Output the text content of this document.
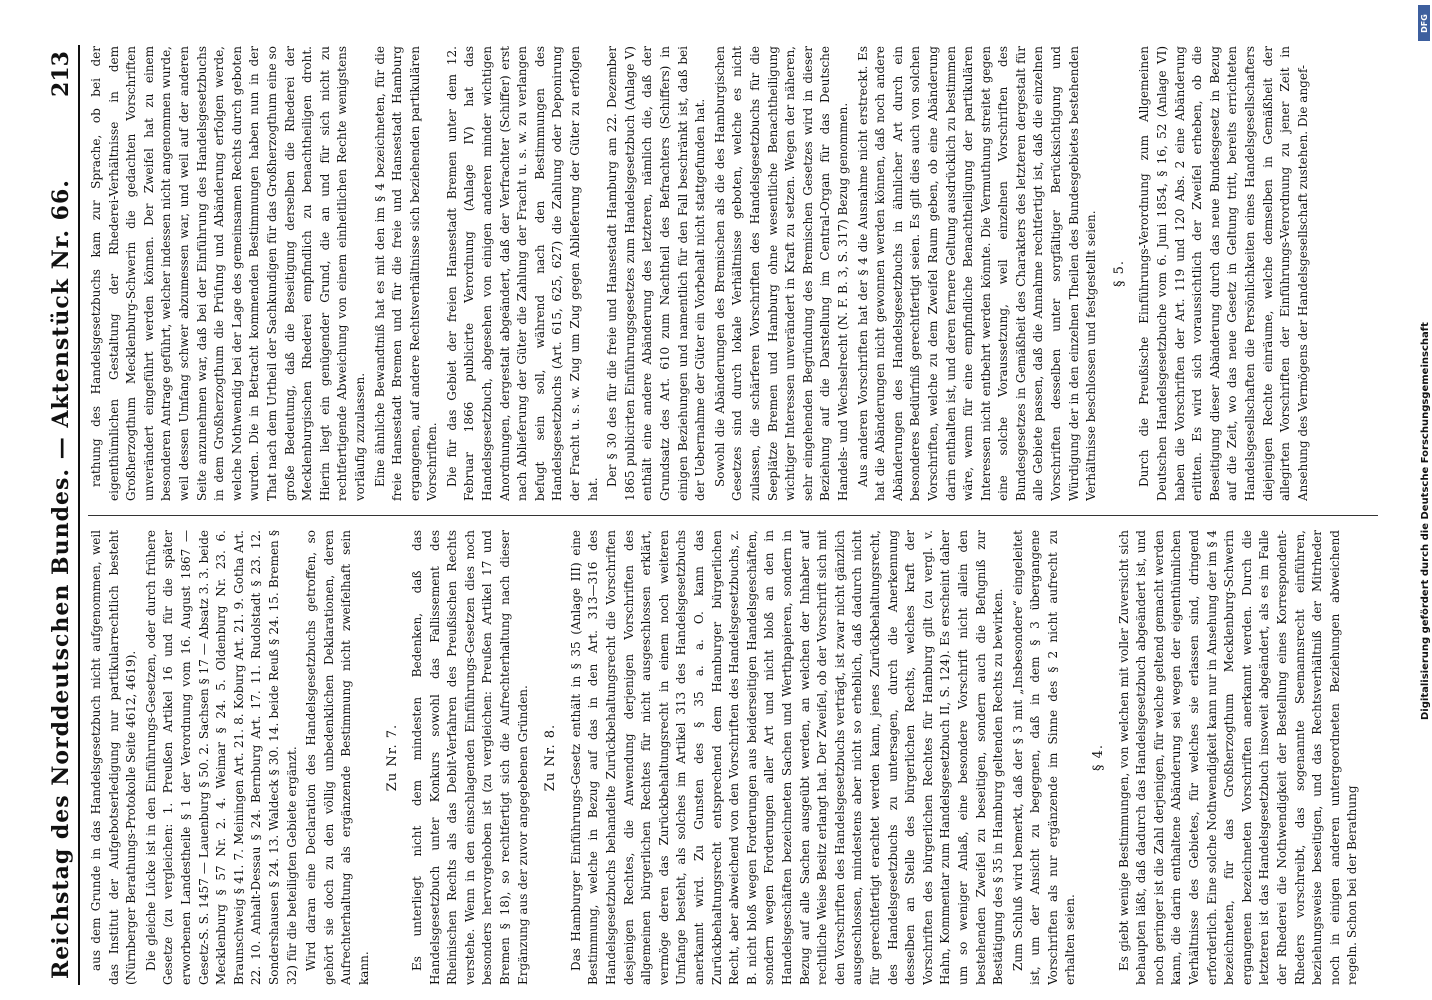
Reichstag des Norddeutschen Bundes. — Aktenstück Nr. 66.
213

aus dem Grunde in das Handelsgesetzbuch nicht aufgenommen, weil das Institut der Aufgebotserledigung nur partikularrechtlich besteht (Nürnberger Berathungs-Protokolle Seite 4612, 4619). Die gleiche Lücke ist in den Einführungs-Gesetzen, oder durch frühere Gesetze (zu vergleichen: 1. Preußen Artikel 16 und für die später erworbenen Landestheile § 1 der Verordnung vom 16. August 1867 — Gesetz-S. S. 1457 — Lauenburg § 50. 2. Sachsen § 17 — Absatz 3. 3. beide Mecklenburg § 57 Nr. 2. 4. Weimar § 24. 5. Oldenburg Nr. 23. 6. Braunschweig § 41. 7. Meiningen Art. 21. 8. Koburg Art. 21. 9. Gotha Art. 22. 10. Anhalt-Dessau § 24. Bernburg Art. 17. 11. Rudolstadt § 23. 12. Sondershausen § 24. 13. Waldeck § 30. 14. beide Reuß § 24. 15. Bremen § 32) für die beteiligten Gebiete ergänzt. Wird daran eine Declaration des Handelsgesetzbuchs getroffen, so gehört sie doch zu den völlig unbedenklichen Deklarationen, deren Aufrechterhaltung als ergänzende Bestimmung nicht zweifelhaft sein kann.

Zu Nr. 7. Es unterliegt nicht dem mindesten Bedenken, daß das Handelsgesetzbuch unter Konkurs sowohl das Fallissement des Rheinischen Rechts als das Debit-Verfahren des Preußischen Rechts verstehe. Wenn in den einschlagenden Einführungs-Gesetzen dies noch besonders hervorgehoben ist (zu vergleichen: Preußen Artikel 17 und Bremen § 18), so rechtfertigt sich die Aufrechterhaltung nach dieser Ergänzung aus der zuvor angegebenen Gründen. Zu Nr. 8. Das Hamburger Einführungs-Gesetz enthält in § 35 (Anlage III) eine Bestimmung, welche in Bezug auf das in den Art. 313—316 des Handelsgesetzbuchs behandelte Zurückbehaltungsrecht die Vorschriften desjenigen Rechtes, die Anwendung derjenigen Vorschriften des allgemeinen bürgerlichen Rechtes für nicht ausgeschlossen erklärt, vermöge deren das Zurückbehaltungsrecht in einem noch weiteren Umfange besteht, als solches im Artikel 313 des Handelsgesetzbuchs anerkannt wird. Zu Gunsten des § 35 a. a. O. kann das Zurückbehaltungsrecht entsprechend dem Hamburger bürgerlichen Recht, aber abweichend von den Vorschriften des Handelsgesetzbuchs, z. B. nicht bloß wegen Forderungen aus beiderseitigen Handelsgeschäften, sondern wegen Forderungen aller Art und nicht bloß an den in Handelsgeschäften bezeichneten Sachen und Werthpapieren, sondern in Bezug auf alle Sachen ausgeübt werden, an welchen der Inhaber auf rechtliche Weise Besitz erlangt hat. Der Zweifel, ob der Vorschrift sich mit den Vorschriften des Handelsgesetzbuchs verträgt, ist zwar nicht gänzlich ausgeschlossen, mindestens aber nicht so erheblich, daß dadurch nicht für gerechtfertigt erachtet werden kann, jenes Zurückbehaltungsrecht, des Handelsgesetzbuchs zu untersagen, durch die Anerkennung desselben an Stelle des bürgerlichen Rechts, welches kraft der Vorschriften des bürgerlichen Rechtes für Hamburg gilt (zu vergl. v. Hahn, Kommentar zum Handelsgesetzbuch II, S. 124). Es erscheint daher um so weniger Anlaß, eine besondere Vorschrift nicht allein den bestehenden Zweifel zu beseitigen, sondern auch die Befugniß zur Bestätigung des § 35 in Hamburg geltenden Rechts zu bewirken. Zum Schluß wird bemerkt, daß der § 3 mit „Insbesondere“ eingeleitet ist, um der Ansicht zu begegnen, daß in dem § 3 übergangene Vorschriften als nur ergänzende im Sinne des § 2 nicht aufrecht zu erhalten seien.

§ 4. Es giebt wenige Bestimmungen, von welchen mit voller Zuversicht sich behaupten läßt, daß dadurch das Handelsgesetzbuch abgeändert ist, und noch geringer ist die Zahl derjenigen, für welche geltend gemacht werden kann, die darin enthaltene Abänderung sei wegen der eigenthümlichen Verhältnisse des Gebietes, für welches sie erlassen sind, dringend erforderlich. Eine solche Nothwendigkeit kann nur in Ansehung der im § 4 bezeichneten, für das Großherzogthum Mecklenburg-Schwerin ergangenen bezeichneten Vorschriften anerkannt werden. Durch die letzteren ist das Handelsgesetzbuch insoweit abgeändert, als es im Falle der Rhederei die Nothwendigkeit der Bestellung eines Korrespondent-Rheders vorschreibt, das sogenannte Seemannsrecht einführen, beziehungsweise beseitigen, und das Rechtsverhältniß der Mitrheder noch in einigen anderen untergeordneten Beziehungen abweichend regeln. Schon bei der Berathung

rathung des Handelsgesetzbuchs kam zur Sprache, ob bei der eigenthümlichen Gestaltung der Rhederei-Verhältnisse in dem Großherzogthum Mecklenburg-Schwerin die gedachten Vorschriften unverändert eingeführt werden können. Der Zweifel hat zu einem besonderen Antrage geführt, welcher indessen nicht angenommen wurde, weil dessen Umfang schwer abzumessen war, und weil auf der anderen Seite anzunehmen war, daß bei der Einführung des Handelsgesetzbuchs in dem Großherzogthum die Prüfung und Abänderung erfolgen werde, welche Nothwendig bei der Lage des gemeinsamen Rechts durch geboten wurden. Die in Betracht kommenden Bestimmungen haben nun in der That nach dem Urtheil der Sachkundigen für das Großherzogthum eine so große Bedeutung, daß die Beseitigung derselben die Rhederei der Mecklenburgischen Rhederei empfindlich zu benachtheiligen droht. Hierin liegt ein genügender Grund, die an und für sich nicht zu rechtfertigende Abweichung von einem einheitlichen Rechte wenigstens vorläufig zuzulassen. Eine ähnliche Bewandtniß hat es mit den im § 4 bezeichneten, für die freie Hansestadt Bremen und für die freie und Hansestadt Hamburg ergangenen, auf andere Rechtsverhältnisse sich beziehenden partikulären Vorschriften. Die für das Gebiet der freien Hansestadt Bremen unter dem 12. Februar 1866 publicirte Verordnung (Anlage IV) hat das Handelsgesetzbuch, abgesehen von einigen anderen minder wichtigen Anordnungen, dergestalt abgeändert, daß der Verfrachter (Schiffer) erst nach Ablieferung der Güter die Zahlung der Fracht u. s. w. zu verlangen befugt sein soll, während nach den Bestimmungen des Handelsgesetzbuchs (Art. 615, 625, 627) die Zahlung oder Deponirung der Fracht u. s. w. Zug um Zug gegen Ablieferung der Güter zu erfolgen hat.

Der § 30 des für die freie und Hansestadt Hamburg am 22. Dezember 1865 publicirten Einführungsgesetzes zum Handelsgesetzbuch (Anlage V) enthält eine andere Abänderung des letzteren, nämlich die, daß der Grundsatz des Art. 610 zum Nachtheil des Befrachters (Schiffers) in einigen Beziehungen und namentlich für den Fall beschränkt ist, daß bei der Uebernahme der Güter ein Vorbehalt nicht stattgefunden hat. Sowohl die Abänderungen des Bremischen als die des Hamburgischen Gesetzes sind durch lokale Verhältnisse geboten, welche es nicht zulassen, die schärferen Vorschriften des Handelsgesetzbuchs für die Seeplätze Bremen und Hamburg ohne wesentliche Benachtheiligung wichtiger Interessen unverändert in Kraft zu setzen. Wegen der näheren, sehr eingehenden Begründung des Bremischen Gesetzes wird in dieser Beziehung auf die Darstellung im Central-Organ für das Deutsche Handels- und Wechselrecht (N. F. B. 3, S. 317) Bezug genommen. Aus anderen Vorschriften hat der § 4 die Ausnahme nicht erstreckt. Es hat die Abänderungen nicht gewonnen werden können, daß noch andere Abänderungen des Handelsgesetzbuchs in ähnlicher Art durch ein besonderes Bedürfniß gerechtfertigt seien. Es gilt dies auch von solchen Vorschriften, welche zu dem Zweifel Raum geben, ob eine Abänderung darin enthalten ist, und deren fernere Geltung ausdrücklich zu bestimmen wäre, wenn für eine empfindliche Benachtheiligung der partikulären Interessen nicht entbehrt werden könnte. Die Vermuthung streitet gegen eine solche Voraussetzung, weil einzelnen Vorschriften des Bundesgesetzes in Gemäßheit des Charakters des letzteren dergestalt für alle Gebiete passen, daß die Annahme rechtfertigt ist, daß die einzelnen Vorschriften desselben unter sorgfältiger Berücksichtigung und Würdigung der in den einzelnen Theilen des Bundesgebietes bestehenden Verhältnisse beschlossen und festgestellt seien. § 5. Durch die Preußische Einführungs-Verordnung zum Allgemeinen Deutschen Handelsgesetzbuche vom 6. Juni 1854, § 16, 52 (Anlage VI) haben die Vorschriften der Art. 119 und 120 Abs. 2 eine Abänderung erlitten. Es wird sich voraussichtlich der Zweifel erheben, ob die Beseitigung dieser Abänderung durch das neue Bundesgesetz in Bezug auf die Zeit, wo das neue Gesetz in Geltung tritt, bereits errichteten Handelsgesellschaften die Persönlichkeiten eines Handelsgesellschafters diejenigen Rechte einräume, welche demselben in Gemäßheit der allegirten Vorschriften der Einführungs-Verordnung zu jener Zeit in Ansehung des Vermögens der Handelsgesellschaft zustehen. Die angef-

Digitalisierung gefördert durch die Deutsche Forschungsgemeinschaft
DFG
